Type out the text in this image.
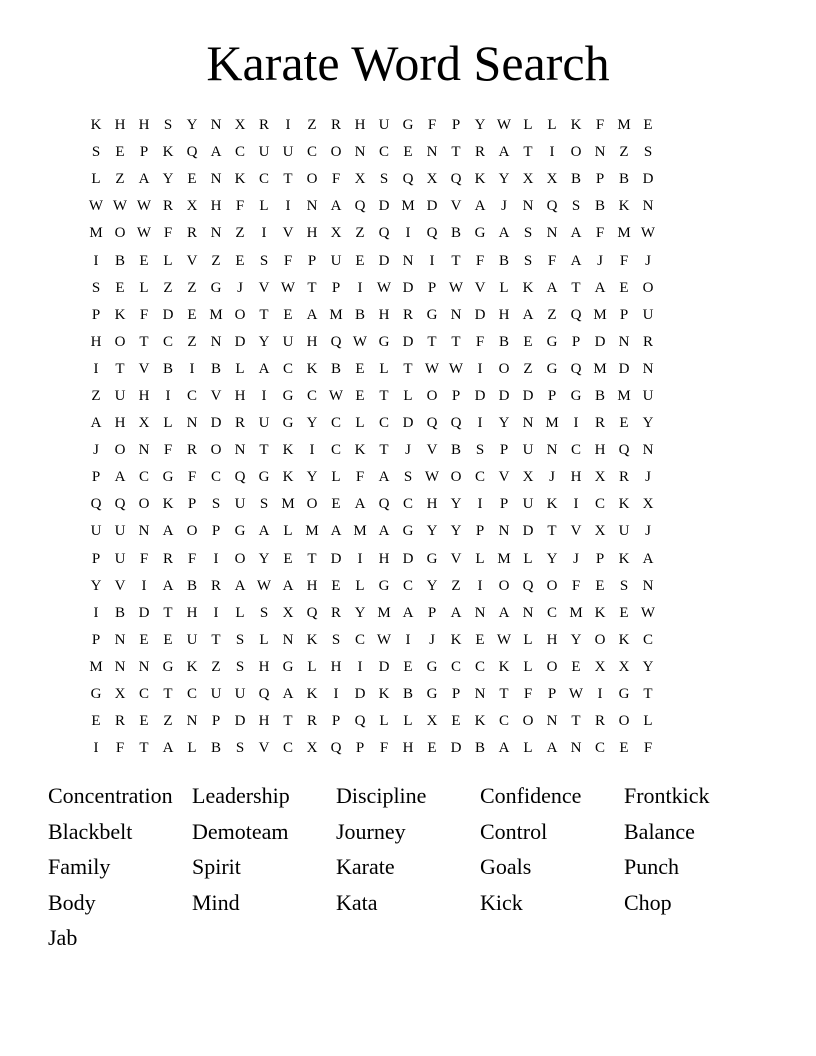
Karate Word Search
K H H S Y N X R	I	Z R H U G F	P Y W L L K F M E
S	E	P K Q A C U U C O N C E N T R A T	I	O N Z	S
L Z A Y E N K C T O F X S Q X Q K Y X X B P B D
W W W R X H F	L	I	N A Q D M D V A	J	N Q S B K N
M O W F R N Z	I	V H X Z Q	I	Q B G A S N A F M W
I	B E L V Z E	S	F	P U E D N	I	T	F B S	F A	J	F	J
S	E L Z Z G	J	V W T	P	I W D P W V L K A T A E O
P K F D E M O T E A M B H R G N D H A Z Q M P U
H O T C Z N D Y U H Q W G D T T	F B E G P D N R
I	T V B	I	B L A C K B E L T W W I	O Z G Q M D N
Z U H	I	C V H	I	G C W E T L O P D D D P G B M U
A H X L N D R U G Y C L C D Q Q	I	Y N M I	R E Y
J	O N F R O N T K	I	C K T	J	V B S	P U N C H Q N
P A C G F C Q G K Y L	F A S W O C V X	J	H X R	J
Q Q O K P	S U S M O E A Q C H Y	I	P U K	I	C K X
U U N A O P G A L M A M A G Y Y P N D T V X U	J
P U F R F	I	O Y E T D	I	H D G V L M L Y	J	P K A
Y V	I	A B R A W A H E L G C Y Z	I	O Q O F	E	S N
I	B D T H	I	L	S X Q R Y M A P A N A N C M K E W
P N E E U T	S	L N K S C W I	J	K E W L H Y O K C
M N N G K Z	S H G L H	I	D E G C C K L O E X X Y
G X C T C U U Q A K	I	D K B G P N T	F	P W I	G T
E R E Z N P D H T R P Q L L X E K C O N T R O L
I	F	T A L B S V C X Q P	F H E D B A L A N C E	F
Concentration Leadership	Discipline	Confidence	Frontkick
Blackbelt	Demoteam	Journey	Control	Balance
Family	Spirit	Karate	Goals	Punch
Body	Mind	Kata	Kick	Chop
Jab
